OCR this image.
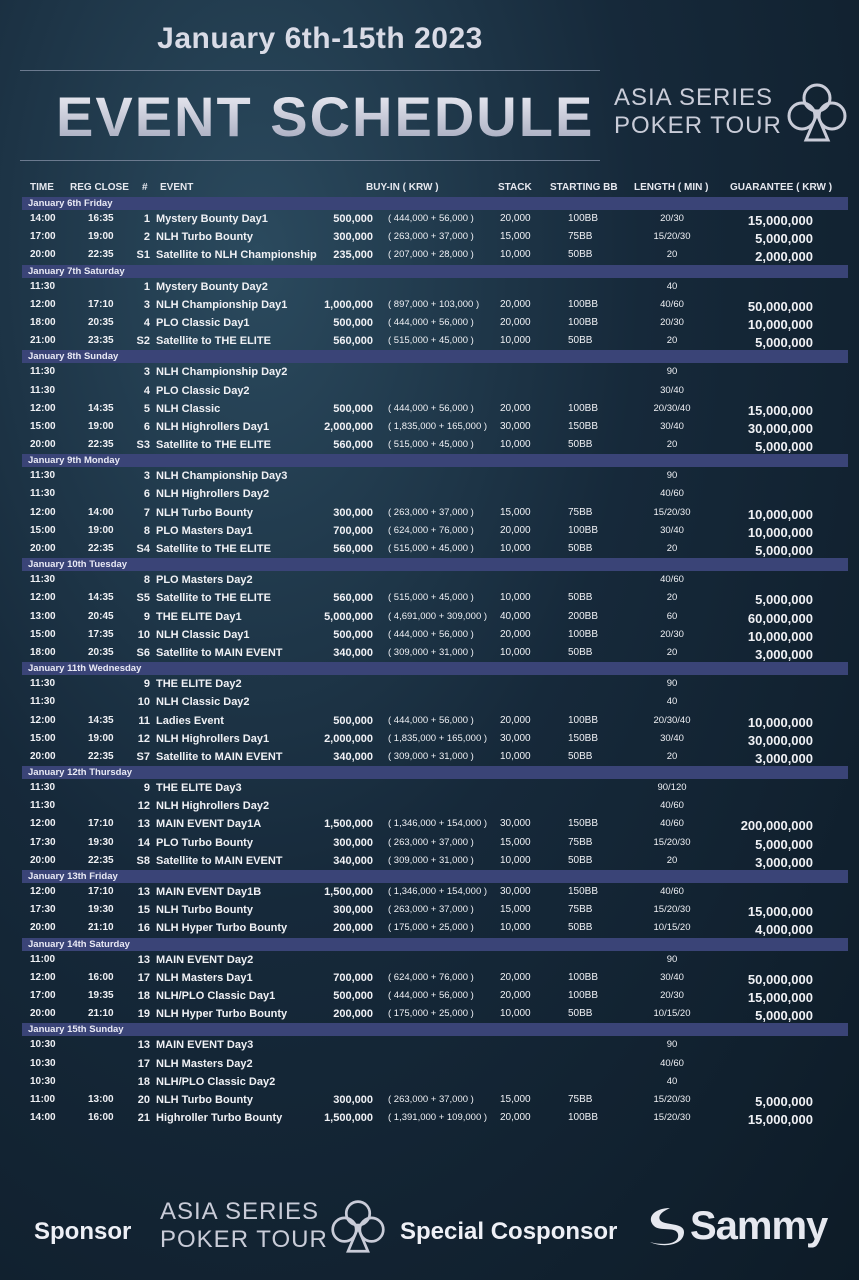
January 6th-15th 2023
EVENT SCHEDULE ASIA SERIES
POKER TOUR
TIME REG CLOSE # EVENT	BUY-IN ( KRW )	STACK STARTING BB LENGTH ( MIN ) GUARANTEE ( KRW )
January 6th Friday
14:00	16:35	1 Mystery Bounty Day1	500,000 ( 444,000 + 56,000 )	20,000	100BB	20/30	15,000,000
17:00	19:00	2 NLH Turbo Bounty	300,000 ( 263,000 + 37,000 )	15,000	75BB	15/20/30	5,000,000
20:00	22:35 S1 Satellite to NLH Championship 235,000 ( 207,000 + 28,000 )	10,000	50BB	20	2,000,000
January 7th Saturday
11:30	1 Mystery Bounty Day2	40
12:00	17:10	3 NLH Championship Day1	1,000,000 ( 897,000 + 103,000 ) 20,000	100BB	40/60	50,000,000
18:00	20:35	4 PLO Classic Day1	500,000 ( 444,000 + 56,000 )	20,000	100BB	20/30	10,000,000
21:00	23:35 S2 Satellite to THE ELITE	560,000 ( 515,000 + 45,000 )	10,000	50BB	20	5,000,000
January 8th Sunday
11:30	3 NLH Championship Day2	90
11:30	4 PLO Classic Day2	30/40
12:00	14:35	5 NLH Classic	500,000 ( 444,000 + 56,000 )	20,000	100BB	20/30/40	15,000,000
15:00	19:00	6 NLH Highrollers Day1	2,000,000 ( 1,835,000 + 165,000 ) 30,000	150BB	30/40	30,000,000
20:00	22:35 S3 Satellite to THE ELITE	560,000 ( 515,000 + 45,000 )	10,000	50BB	20	5,000,000
January 9th Monday
11:30	3 NLH Championship Day3	90
11:30	6 NLH Highrollers Day2	40/60
12:00	14:00	7 NLH Turbo Bounty	300,000 ( 263,000 + 37,000 )	15,000	75BB	15/20/30	10,000,000
15:00	19:00	8 PLO Masters Day1	700,000 ( 624,000 + 76,000 )	20,000	100BB	30/40	10,000,000
20:00	22:35 S4 Satellite to THE ELITE	560,000 ( 515,000 + 45,000 )	10,000	50BB	20	5,000,000
January 10th Tuesday
11:30	8 PLO Masters Day2	40/60
12:00	14:35 S5 Satellite to THE ELITE	560,000 ( 515,000 + 45,000 )	10,000	50BB	20	5,000,000
13:00	20:45	9 THE ELITE Day1	5,000,000 ( 4,691,000 + 309,000 ) 40,000	200BB	60	60,000,000
15:00	17:35 10 NLH Classic Day1	500,000 ( 444,000 + 56,000 )	20,000	100BB	20/30	10,000,000
18:00	20:35 S6 Satellite to MAIN EVENT	340,000 ( 309,000 + 31,000 )	10,000	50BB	20	3,000,000
January 11th Wednesday
11:30	9 THE ELITE Day2	90
11:30	10 NLH Classic Day2	40
12:00	14:35 11 Ladies Event	500,000 ( 444,000 + 56,000 )	20,000	100BB	20/30/40	10,000,000
15:00	19:00 12 NLH Highrollers Day1	2,000,000 ( 1,835,000 + 165,000 ) 30,000	150BB	30/40	30,000,000
20:00	22:35 S7 Satellite to MAIN EVENT	340,000 ( 309,000 + 31,000 )	10,000	50BB	20	3,000,000
January 12th Thursday
11:30	9 THE ELITE Day3	90/120
11:30	12 NLH Highrollers Day2	40/60
12:00	17:10 13 MAIN EVENT Day1A	1,500,000 ( 1,346,000 + 154,000 ) 30,000	150BB	40/60	200,000,000
17:30	19:30 14 PLO Turbo Bounty	300,000 ( 263,000 + 37,000 )	15,000	75BB	15/20/30	5,000,000
20:00	22:35 S8 Satellite to MAIN EVENT	340,000 ( 309,000 + 31,000 )	10,000	50BB	20	3,000,000
January 13th Friday
12:00	17:10 13 MAIN EVENT Day1B	1,500,000 ( 1,346,000 + 154,000 ) 30,000	150BB	40/60
17:30	19:30 15 NLH Turbo Bounty	300,000 ( 263,000 + 37,000 )	15,000	75BB	15/20/30	15,000,000
20:00	21:10 16 NLH Hyper Turbo Bounty	200,000 ( 175,000 + 25,000 )	10,000	50BB	10/15/20	4,000,000
January 14th Saturday
11:00	13 MAIN EVENT Day2	90
12:00	16:00 17 NLH Masters Day1	700,000 ( 624,000 + 76,000 )	20,000	100BB	30/40	50,000,000
17:00	19:35 18 NLH/PLO Classic Day1	500,000 ( 444,000 + 56,000 )	20,000	100BB	20/30	15,000,000
20:00	21:10 19 NLH Hyper Turbo Bounty	200,000 ( 175,000 + 25,000 )	10,000	50BB	10/15/20	5,000,000
January 15th Sunday
10:30	13 MAIN EVENT Day3	90
10:30	17 NLH Masters Day2	40/60
10:30	18 NLH/PLO Classic Day2	40
11:00	13:00 20 NLH Turbo Bounty	300,000 ( 263,000 + 37,000 )	15,000	75BB	15/20/30	5,000,000
14:00	16:00 21 Highroller Turbo Bounty	1,500,000 ( 1,391,000 + 109,000 ) 20,000	100BB	15/20/30	15,000,000
Sponsor
ASIA SERIES
POKER TOUR	Special Cosponsor Sammy
